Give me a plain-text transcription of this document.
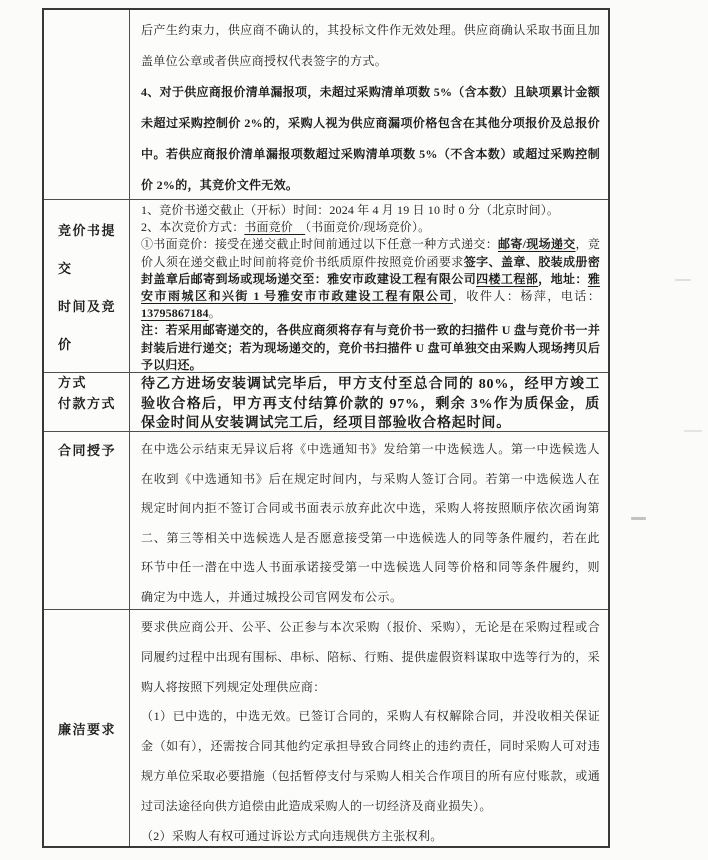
后产生约束力，供应商不确认的，其投标文件作无效处理。供应商确认采取书面且加盖单位公章或者供应商授权代表签字的方式。

4、对于供应商报价清单漏报项，未超过采购清单项数 5%（含本数）且缺项累计金额未超过采购控制价 2%的，采购人视为供应商漏项价格包含在其他分项报价及总报价中。若供应商报价清单漏报项数超过采购清单项数 5%（不含本数）或超过采购控制价 2%的，其竞价文件无效。

竞价书提交
时间及竞价
方式

1、竞价书递交截止（开标）时间：2024 年 4 月 19 日 10 时 0 分（北京时间）。

2、本次竞价方式：书面竞价　（书面竞价/现场竞价）。

①书面竞价：接受在递交截止时间前通过以下任意一种方式递交：邮寄/现场递交，竞价人须在递交截止时间前将竞价书纸质原件按照竞价函要求签字、盖章、胶装成册密封盖章后邮寄到场或现场递交至：雅安市政建设工程有限公司四楼工程部，地址：雅安市雨城区和兴街 1 号雅安市市政建设工程有限公司，收件人：杨萍，电话：13795867184。

注：若采用邮寄递交的，各供应商须将存有与竞价书一致的扫描件 U 盘与竞价书一并封装后进行递交；若为现场递交的，竞价书扫描件 U 盘可单独交由采购人现场拷贝后予以归还。

付款方式

待乙方进场安装调试完毕后，甲方支付至总合同的 80%，经甲方竣工验收合格后，甲方再支付结算价款的 97%，剩余 3%作为质保金，质保金时间从安装调试完工后，经项目部验收合格起时间。

合同授予	在中选公示结束无异议后将《中选通知书》发给第一中选候选人。第一中选候选人在收到《中选通知书》后在规定时间内，与采购人签订合同。若第一中选候选人在规定时间内拒不签订合同或书面表示放弃此次中选，采购人将按照顺序依次函询第二、第三等相关中选候选人是否愿意接受第一中选候选人的同等条件履约，若在此环节中任一潜在中选人书面承诺接受第一中选候选人同等价格和同等条件履约，则确定为中选人，并通过城投公司官网发布公示。

廉洁要求

要求供应商公开、公平、公正参与本次采购（报价、采购），无论是在采购过程或合同履约过程中出现有围标、串标、陪标、行贿、提供虚假资料谋取中选等行为的，采购人将按照下列规定处理供应商：

（1）已中选的，中选无效。已签订合同的，采购人有权解除合同，并没收相关保证金（如有），还需按合同其他约定承担导致合同终止的违约责任，同时采购人可对违规方单位采取必要措施（包括暂停支付与采购人相关合作项目的所有应付账款，或通过司法途径向供方追偿由此造成采购人的一切经济及商业损失）。

（2）采购人有权可通过诉讼方式向违规供方主张权利。
